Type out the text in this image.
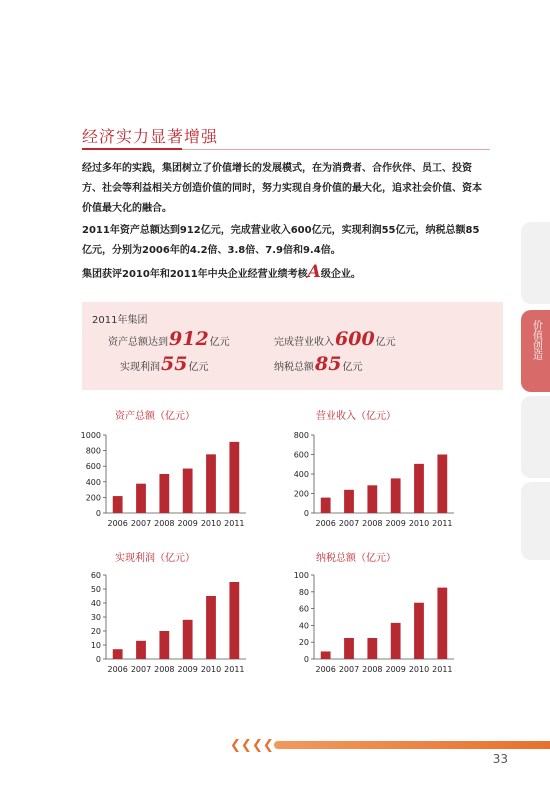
经济实力显著增强
经过多年的实践，集团树立了价值增长的发展模式，在为消费者、合作伙伴、员工、投资方、社会等利益相关方创造价值的同时，努力实现自身价值的最大化，追求社会价值、资本价值最大化的融合。
2011年资产总额达到912亿元，完成营业收入600亿元，实现利润55亿元，纳税总额85亿元，分别为2006年的4.2倍、3.8倍、7.9倍和9.4倍。
集团获评2010年和2011年中央企业经营业绩考核A级企业。
2011年集团
资产总额达到912亿元	完成营业收入600亿元
实现利润55亿元	纳税总额85亿元
资产总额（亿元）	营业收入（亿元）
实现利润（亿元）	纳税总额（亿元）
0
200
400
600
800
1000
2006 2007 2008 2009 2010 2011
0
200
400
600
800
2006 2007 2008 2009 2010 2011
0
10
20
30
40
50
60
2006 2007 2008 2009 2010 2011
0
20
40
60
80
100
2006 2007 2008 2009 2010 2011
价值创造
❮❮ ❮❮
33
